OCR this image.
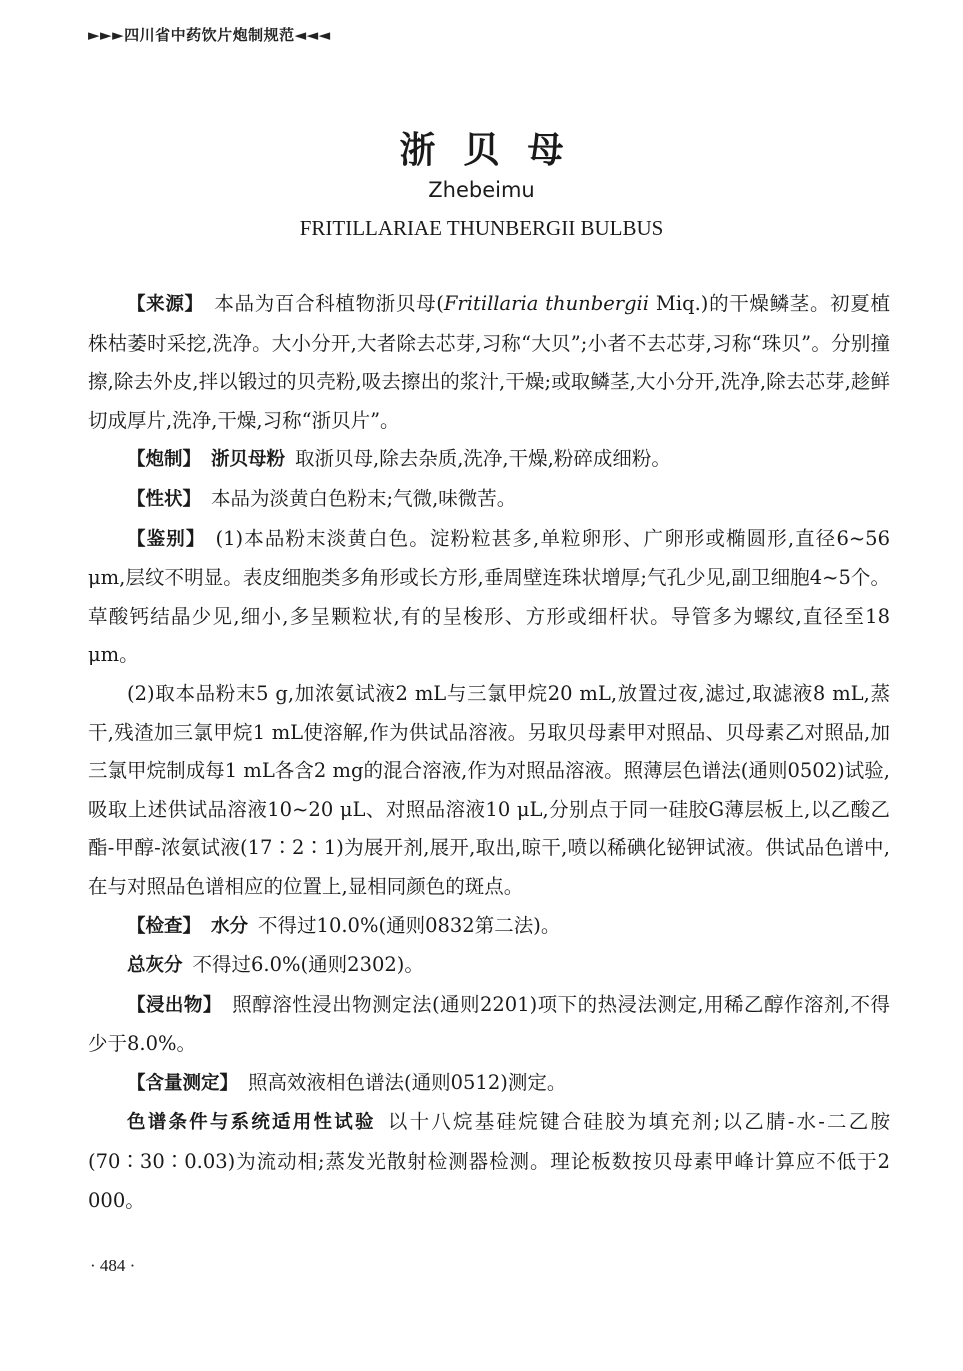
►►►四川省中药饮片炮制规范◄◄◄
浙贝母
Zhebeimu
FRITILLARIAE THUNBERGII BULBUS

【来源】 本品为百合科植物浙贝母(Fritillaria thunbergii Miq.)的干燥鳞茎。初夏植株枯萎时采挖,洗净。大小分开,大者除去芯芽,习称“大贝”;小者不去芯芽,习称“珠贝”。分别撞擦,除去外皮,拌以锻过的贝壳粉,吸去擦出的浆汁,干燥;或取鳞茎,大小分开,洗净,除去芯芽,趁鲜切成厚片,洗净,干燥,习称“浙贝片”。

【炮制】 浙贝母粉 取浙贝母,除去杂质,洗净,干燥,粉碎成细粉。

【性状】 本品为淡黄白色粉末;气微,味微苦。

【鉴别】 (1)本品粉末淡黄白色。淀粉粒甚多,单粒卵形、广卵形或椭圆形,直径6~56 μm,层纹不明显。表皮细胞类多角形或长方形,垂周壁连珠状增厚;气孔少见,副卫细胞4~5个。草酸钙结晶少见,细小,多呈颗粒状,有的呈梭形、方形或细杆状。导管多为螺纹,直径至18 μm。

(2)取本品粉末5 g,加浓氨试液2 mL与三氯甲烷20 mL,放置过夜,滤过,取滤液8 mL,蒸干,残渣加三氯甲烷1 mL使溶解,作为供试品溶液。另取贝母素甲对照品、贝母素乙对照品,加三氯甲烷制成每1 mL各含2 mg的混合溶液,作为对照品溶液。照薄层色谱法(通则0502)试验,吸取上述供试品溶液10~20 μL、对照品溶液10 μL,分别点于同一硅胶G薄层板上,以乙酸乙酯-甲醇-浓氨试液(17∶2∶1)为展开剂,展开,取出,晾干,喷以稀碘化铋钾试液。供试品色谱中,在与对照品色谱相应的位置上,显相同颜色的斑点。

【检查】 水分 不得过10.0%(通则0832第二法)。

总灰分 不得过6.0%(通则2302)。

【浸出物】 照醇溶性浸出物测定法(通则2201)项下的热浸法测定,用稀乙醇作溶剂,不得少于8.0%。

【含量测定】 照高效液相色谱法(通则0512)测定。

色谱条件与系统适用性试验 以十八烷基硅烷键合硅胶为填充剂;以乙腈-水-二乙胺(70∶30∶0.03)为流动相;蒸发光散射检测器检测。理论板数按贝母素甲峰计算应不低于2 000。

· 484 ·
